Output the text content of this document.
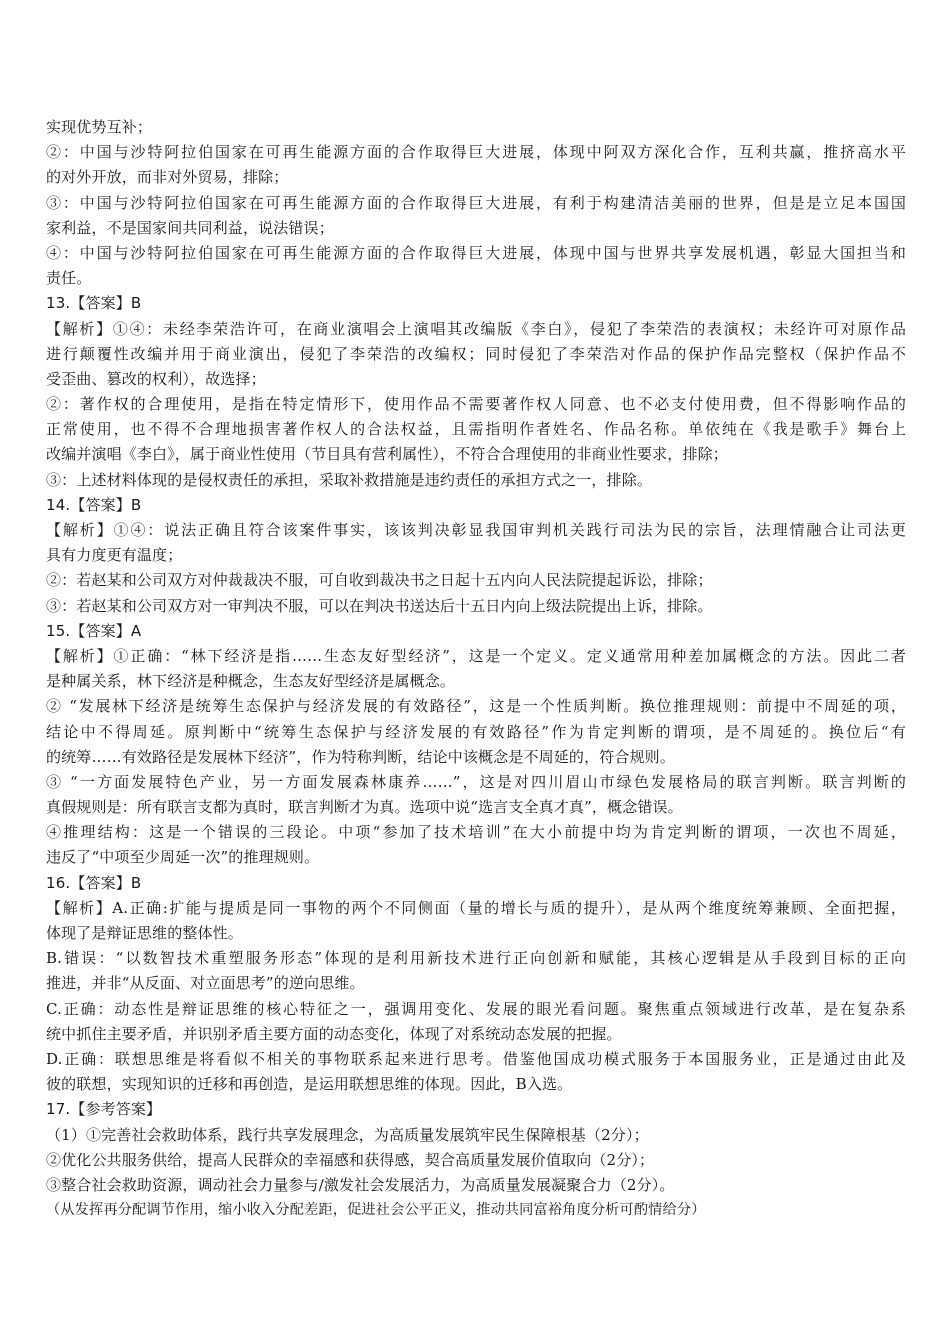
实现优势互补；

②：中国与沙特阿拉伯国家在可再生能源方面的合作取得巨大进展，体现中阿双方深化合作，互利共赢，推挤高水平

的对外开放，而非对外贸易，排除；

③：中国与沙特阿拉伯国家在可再生能源方面的合作取得巨大进展，有利于构建清洁美丽的世界，但是是立足本国国

家利益，不是国家间共同利益，说法错误；

④：中国与沙特阿拉伯国家在可再生能源方面的合作取得巨大进展，体现中国与世界共享发展机遇，彰显大国担当和

责任。

13.【答案】B

【解析】①④：未经李荣浩许可，在商业演唱会上演唱其改编版《李白》，侵犯了李荣浩的表演权；未经许可对原作品

进行颠覆性改编并用于商业演出，侵犯了李荣浩的改编权；同时侵犯了李荣浩对作品的保护作品完整权（保护作品不

受歪曲、篡改的权利），故选择；

②：著作权的合理使用，是指在特定情形下，使用作品不需要著作权人同意、也不必支付使用费，但不得影响作品的

正常使用，也不得不合理地损害著作权人的合法权益，且需指明作者姓名、作品名称。单依纯在《我是歌手》舞台上

改编并演唱《李白》，属于商业性使用（节目具有营利属性），不符合合理使用的非商业性要求，排除；

③：上述材料体现的是侵权责任的承担，采取补救措施是违约责任的承担方式之一，排除。

14.【答案】B

【解析】①④：说法正确且符合该案件事实，该该判决彰显我国审判机关践行司法为民的宗旨，法理情融合让司法更

具有力度更有温度；

②：若赵某和公司双方对仲裁裁决不服，可自收到裁决书之日起十五内向人民法院提起诉讼，排除；

③：若赵某和公司双方对一审判决不服，可以在判决书送达后十五日内向上级法院提出上诉，排除。

15.【答案】A

【解析】①正确：“林下经济是指……生态友好型经济”，这是一个定义。定义通常用种差加属概念的方法。因此二者

是种属关系，林下经济是种概念，生态友好型经济是属概念。

② “发展林下经济是统筹生态保护与经济发展的有效路径”，这是一个性质判断。换位推理规则：前提中不周延的项，

结论中不得周延。原判断中“统筹生态保护与经济发展的有效路径”作为肯定判断的谓项，是不周延的。换位后“有

的统筹……有效路径是发展林下经济”，作为特称判断，结论中该概念是不周延的，符合规则。

③ “一方面发展特色产业，另一方面发展森林康养……”，这是对四川眉山市绿色发展格局的联言判断。联言判断的

真假规则是：所有联言支都为真时，联言判断才为真。选项中说“选言支全真才真”，概念错误。

④推理结构：这是一个错误的三段论。中项“参加了技术培训”在大小前提中均为肯定判断的谓项，一次也不周延，

违反了“中项至少周延一次”的推理规则。

16.【答案】B

【解析】A.正确:扩能与提质是同一事物的两个不同侧面（量的增长与质的提升），是从两个维度统筹兼顾、全面把握，

体现了是辩证思维的整体性。

B.错误：“以数智技术重塑服务形态”体现的是利用新技术进行正向创新和赋能，其核心逻辑是从手段到目标的正向

推进，并非“从反面、对立面思考”的逆向思维。

C.正确：动态性是辩证思维的核心特征之一，强调用变化、发展的眼光看问题。聚焦重点领域进行改革，是在复杂系

统中抓住主要矛盾，并识别矛盾主要方面的动态变化，体现了对系统动态发展的把握。

D.正确：联想思维是将看似不相关的事物联系起来进行思考。借鉴他国成功模式服务于本国服务业，正是通过由此及

彼的联想，实现知识的迁移和再创造，是运用联想思维的体现。因此，B入选。

17.【参考答案】

（1）①完善社会救助体系，践行共享发展理念，为高质量发展筑牢民生保障根基（2分）；

②优化公共服务供给，提高人民群众的幸福感和获得感，契合高质量发展价值取向（2分）；

③整合社会救助资源，调动社会力量参与/激发社会发展活力，为高质量发展凝聚合力（2分）。

（从发挥再分配调节作用，缩小收入分配差距，促进社会公平正义，推动共同富裕角度分析可酌情给分）
